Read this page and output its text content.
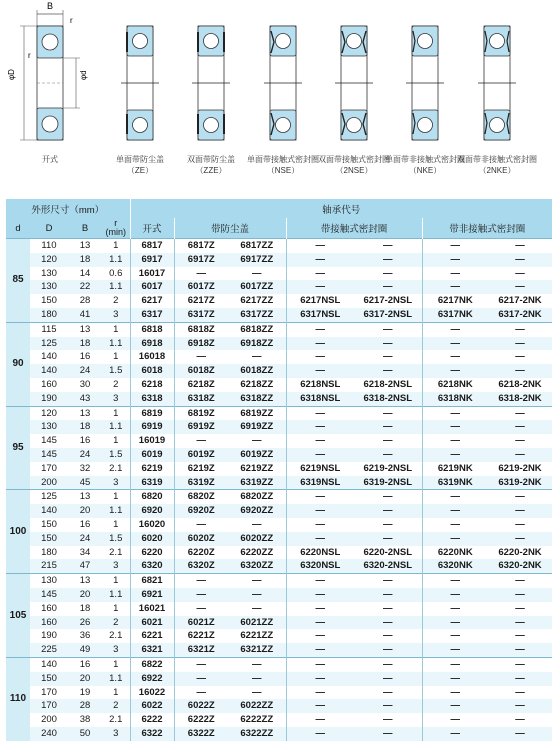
B
r
r
φD	φd
开式	单面带防尘盖
（ZE）
双面带防尘盖
（ZZE）
单面带接触式密封圈
（NSE）
双面带接触式密封圈
（2NSE）
单面带非接触式密封圈
（NKE）
双面带非接触式密封圈
（2NKE）
外形尺寸（mm）				轴承代号						
d	D	B	r
(min)	开式	带防尘盖		带接触式密封圈		带非接触式密封圈	
85	110	13	1	6817	6817Z	6817ZZ	—	—	—	—
	120	18	1.1	6917	6917Z	6917ZZ	—	—	—	—
	130	14	0.6	16017	—	—	—	—	—	—
	130	22	1.1	6017	6017Z	6017ZZ	—	—	—	—
	150	28	2	6217	6217Z	6217ZZ	6217NSL	6217-2NSL	6217NK	6217-2NK
	180	41	3	6317	6317Z	6317ZZ	6317NSL	6317-2NSL	6317NK	6317-2NK
90	115	13	1	6818	6818Z	6818ZZ	—	—	—	—
	125	18	1.1	6918	6918Z	6918ZZ	—	—	—	—
	140	16	1	16018	—	—	—	—	—	—
	140	24	1.5	6018	6018Z	6018ZZ	—	—	—	—
	160	30	2	6218	6218Z	6218ZZ	6218NSL	6218-2NSL	6218NK	6218-2NK
	190	43	3	6318	6318Z	6318ZZ	6318NSL	6318-2NSL	6318NK	6318-2NK
95	120	13	1	6819	6819Z	6819ZZ	—	—	—	—
	130	18	1.1	6919	6919Z	6919ZZ	—	—	—	—
	145	16	1	16019	—	—	—	—	—	—
	145	24	1.5	6019	6019Z	6019ZZ	—	—	—	—
	170	32	2.1	6219	6219Z	6219ZZ	6219NSL	6219-2NSL	6219NK	6219-2NK
	200	45	3	6319	6319Z	6319ZZ	6319NSL	6319-2NSL	6319NK	6319-2NK
100	125	13	1	6820	6820Z	6820ZZ	—	—	—	—
	140	20	1.1	6920	6920Z	6920ZZ	—	—	—	—
	150	16	1	16020	—	—	—	—	—	—
	150	24	1.5	6020	6020Z	6020ZZ	—	—	—	—
	180	34	2.1	6220	6220Z	6220ZZ	6220NSL	6220-2NSL	6220NK	6220-2NK
	215	47	3	6320	6320Z	6320ZZ	6320NSL	6320-2NSL	6320NK	6320-2NK
105	130	13	1	6821	—	—	—	—	—	—
	145	20	1.1	6921	—	—	—	—	—	—
	160	18	1	16021	—	—	—	—	—	—
	160	26	2	6021	6021Z	6021ZZ	—	—	—	—
	190	36	2.1	6221	6221Z	6221ZZ	—	—	—	—
	225	49	3	6321	6321Z	6321ZZ	—	—	—	—
110	140	16	1	6822	—	—	—	—	—	—
	150	20	1.1	6922	—	—	—	—	—	—
	170	19	1	16022	—	—	—	—	—	—
	170	28	2	6022	6022Z	6022ZZ	—	—	—	—
	200	38	2.1	6222	6222Z	6222ZZ	—	—	—	—
	240	50	3	6322	6322Z	6322ZZ	—	—	—	—
